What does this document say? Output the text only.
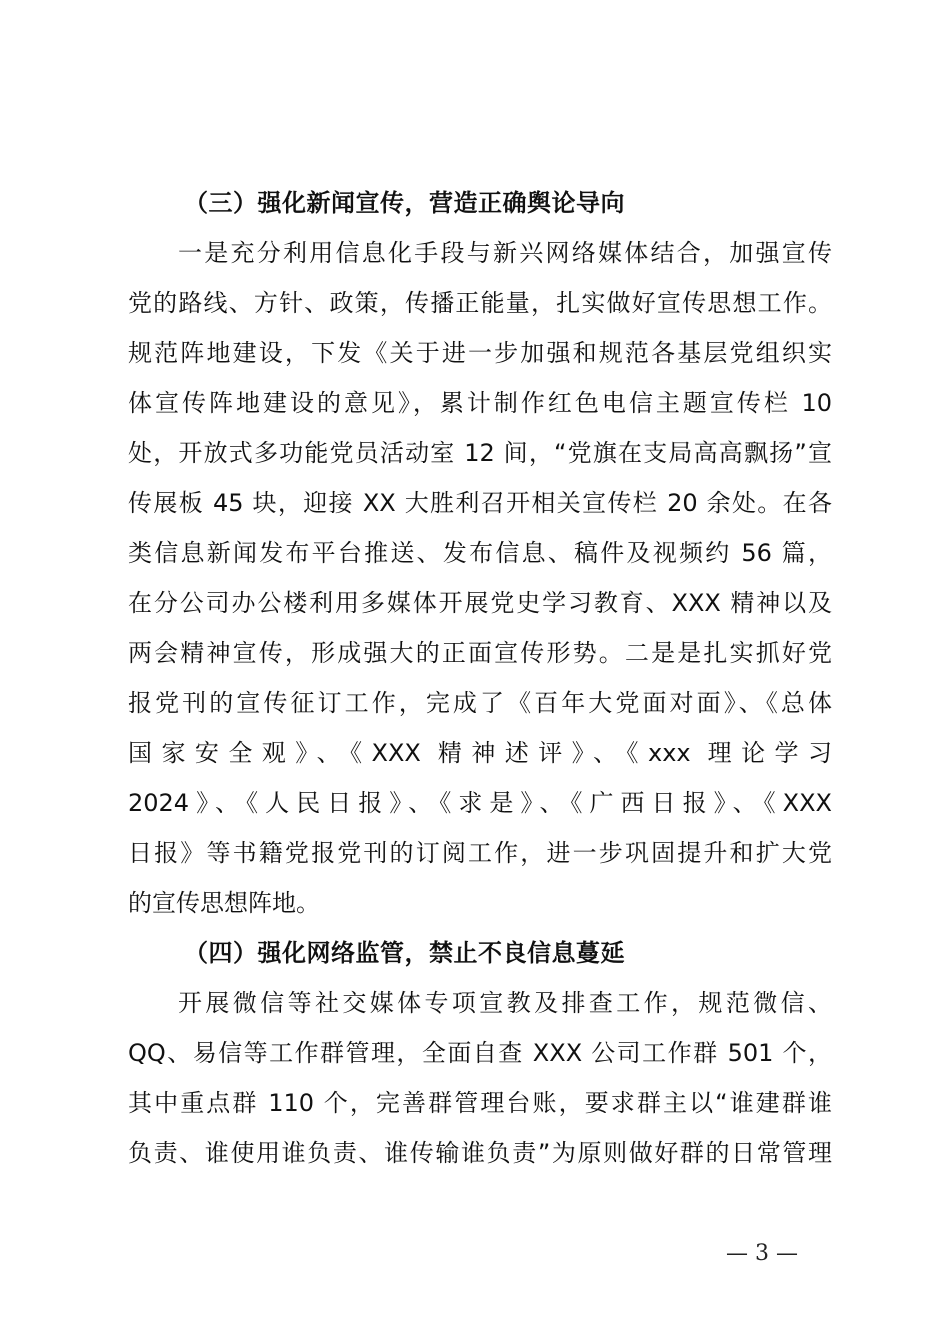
（三）强化新闻宣传，营造正确舆论导向
一是充分利用信息化手段与新兴网络媒体结合，加强宣传
党的路线、方针、政策，传播正能量，扎实做好宣传思想工作。
规范阵地建设，下发《关于进一步加强和规范各基层党组织实
体宣传阵地建设的意见》，累计制作红色电信主题宣传栏 10
处，开放式多功能党员活动室 12 间，“党旗在支局高高飘扬”宣
传展板 45 块，迎接 XX 大胜利召开相关宣传栏 20 余处。在各
类信息新闻发布平台推送、发布信息、稿件及视频约 56 篇，
在分公司办公楼利用多媒体开展党史学习教育、XXX 精神以及
两会精神宣传，形成强大的正面宣传形势。二是是扎实抓好党
报党刊的宣传征订工作，完成了《百年大党面对面》、《总体
国家安全观》、《XXX 精神述评》、《xxx 理论学习
2024》、《人民日报》、《求是》、《广西日报》、《XXX
日报》等书籍党报党刊的订阅工作，进一步巩固提升和扩大党
的宣传思想阵地。
（四）强化网络监管，禁止不良信息蔓延
开展微信等社交媒体专项宣教及排查工作，规范微信、
QQ、易信等工作群管理，全面自查 XXX 公司工作群 501 个，
其中重点群 110 个，完善群管理台账，要求群主以“谁建群谁
负责、谁使用谁负责、谁传输谁负责”为原则做好群的日常管理
— 3 —
